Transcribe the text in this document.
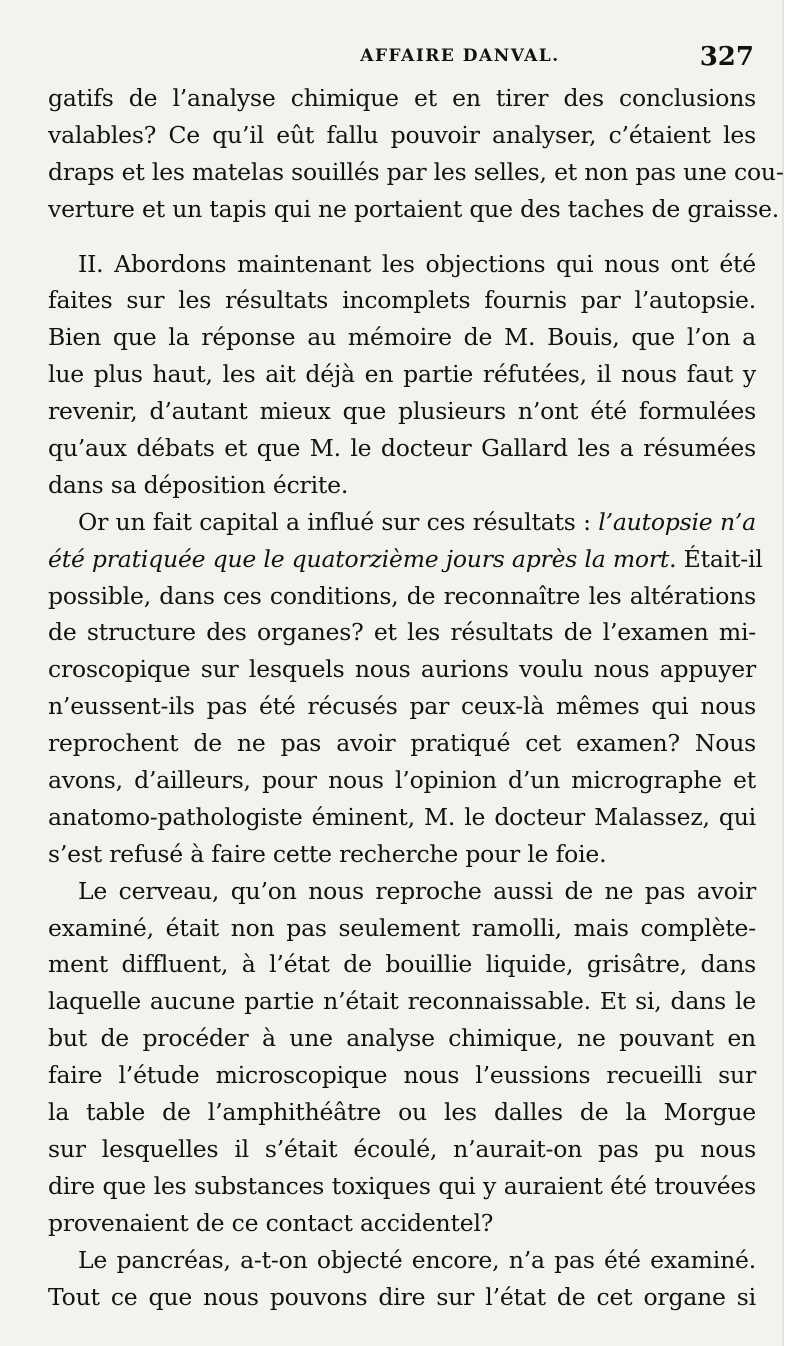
AFFAIRE DANVAL.	327
gatifs de l’analyse chimique et en tirer des conclusions
valables? Ce qu’il eût fallu pouvoir analyser, c’étaient les
draps et les matelas souillés par les selles, et non pas une cou-
verture et un tapis qui ne portaient que des taches de graisse.
II. Abordons maintenant les objections qui nous ont été
faites sur les résultats incomplets fournis par l’autopsie.
Bien que la réponse au mémoire de M. Bouis, que l’on a
lue plus haut, les ait déjà en partie réfutées, il nous faut y
revenir, d’autant mieux que plusieurs n’ont été formulées
qu’aux débats et que M. le docteur Gallard les a résumées
dans sa déposition écrite.
Or un fait capital a influé sur ces résultats : l’autopsie n’a
été pratiquée que le quatorzième jours après la mort. Était-il
possible, dans ces conditions, de reconnaître les altérations
de structure des organes? et les résultats de l’examen mi-
croscopique sur lesquels nous aurions voulu nous appuyer
n’eussent-ils pas été récusés par ceux-là mêmes qui nous
reprochent de ne pas avoir pratiqué cet examen? Nous
avons, d’ailleurs, pour nous l’opinion d’un micrographe et
anatomo-pathologiste éminent, M. le docteur Malassez, qui
s’est refusé à faire cette recherche pour le foie.
Le cerveau, qu’on nous reproche aussi de ne pas avoir
examiné, était non pas seulement ramolli, mais complète-
ment diffluent, à l’état de bouillie liquide, grisâtre, dans
laquelle aucune partie n’était reconnaissable. Et si, dans le
but de procéder à une analyse chimique, ne pouvant en
faire l’étude microscopique nous l’eussions recueilli sur
la table de l’amphithéâtre ou les dalles de la Morgue
sur lesquelles il s’était écoulé, n’aurait-on pas pu nous
dire que les substances toxiques qui y auraient été trouvées
provenaient de ce contact accidentel?
Le pancréas, a-t-on objecté encore, n’a pas été examiné.
Tout ce que nous pouvons dire sur l’état de cet organe si
